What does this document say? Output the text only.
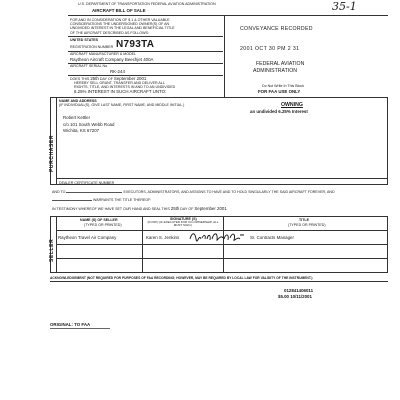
U.S. DEPARTMENT OF TRANSPORTATION FEDERAL AVIATION ADMINISTRATION
AIRCRAFT BILL OF SALE	35-1
FOR AND IN CONSIDERATION OF $ 1 & OTHER VALUABLE
CONSIDERATIONS THE UNDERSIGNED OWNER(S) OF AN
UNDIVIDED INTEREST IN THE LEGAL AND BENEFICIAL TITLE
OF THE AIRCRAFT DESCRIBED AS FOLLOWS:
UNITED STATES
REGISTRATION NUMBER N793TA
AIRCRAFT MANUFACTURER & MODEL
Raytheon Aircraft Company Beechjet 400A
AIRCRAFT SERIAL No.
RK-244
DOES THIS 25th DAY OF September 2001
HEREBY SELL GRANT, TRANSFER AND DELIVER ALL
RIGHTS, TITLE, AND INTERESTS IN AND TO AN UNDIVIDED
6.25% INTEREST IN SUCH AIRCRAFT UNTO:
CONVEYANCE RECORDED
2001 OCT 30 PM 2 31
FEDERAL AVIATION
ADMINISTRATION
Do Not Write In This Block
FOR FAA USE ONLY
PURCHASER
NAME AND ADDRESS
(IF INDIVIDUAL(S), GIVE LAST NAME, FIRST NAME, AND MIDDLE INITIAL.)	OWNING
an undivided 6.25% Interest
Robert Kettler
c/o 101 South Webb Road
Wichita, KS 67207
DEALER CERTIFICATE NUMBER
AND TO	EXECUTORS, ADMINISTRATORS, AND ASSIGNS TO HAVE AND TO HOLD SINGULARLY THE SAID AIRCRAFT FOREVER, AND
WARRANTS THE TITLE THEREOF:
IN TESTIMONY WHEREOF WE HAVE SET OUR HAND AND SEAL THIS 25th DAY OF September 2001
SELLER
NAME (S) OF SELLER
(TYPED OR PRINTED)
SIGNATURE (S)
(IN INK) (IF EXECUTED FOR CO-OWNERSHIP, ALL MUST SIGN.)
TITLE
(TYPED OR PRINTED)
Raytheon Travel Air Company	Karen S. Jenkins	Sr. Contracts Manager
ACKNOWLEDGEMENT (NOT REQUIRED FOR PURPOSES OF FAA RECORDING; HOWEVER, MAY BE REQUIRED BY LOCAL LAW FOR VALIDITY OF THE INSTRUMENT.)
012841406011
$5.00 10/11/2001
ORIGINAL: TO FAA
